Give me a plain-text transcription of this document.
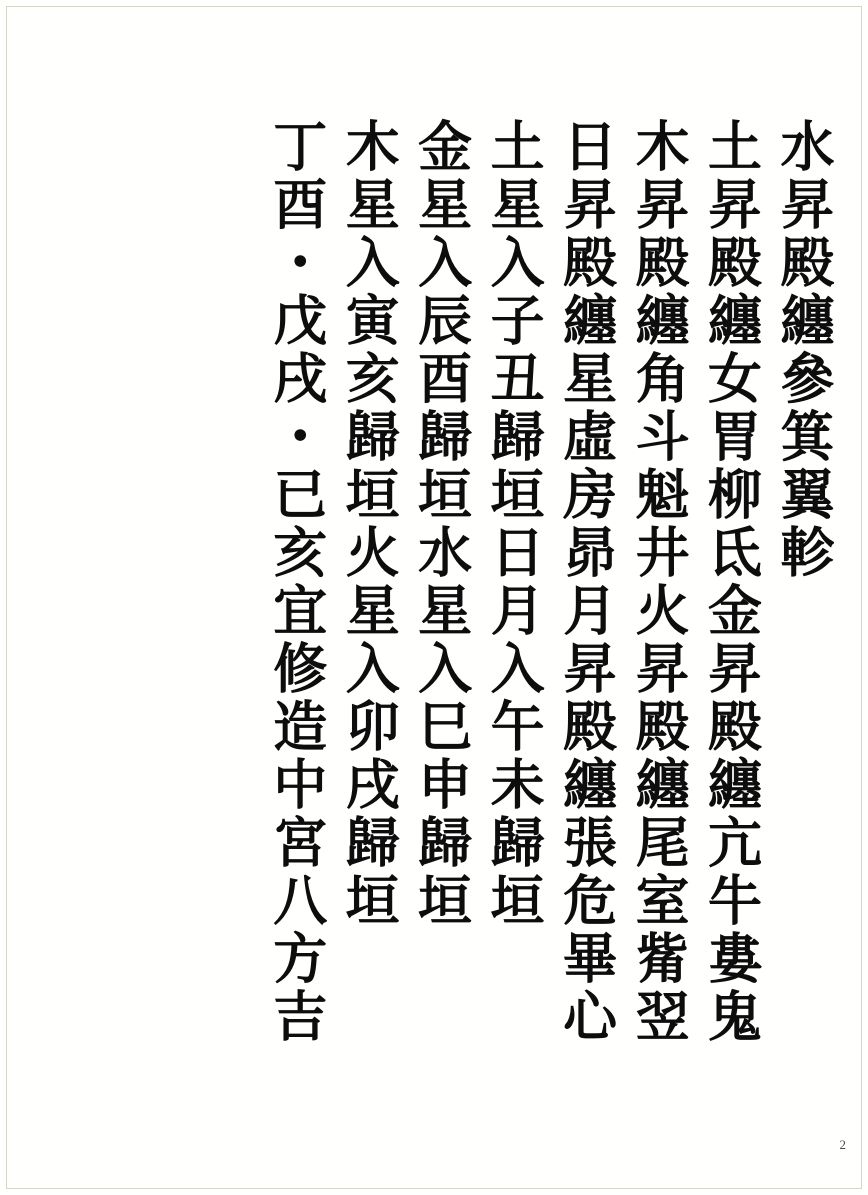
丁酉・戊戌・已亥宜修造中宮八方吉 木星入寅亥歸垣
火星入卯戌歸垣
金星入辰酉歸垣
水星入巳申歸垣
土星入子丑歸垣
日月入午未歸垣
日昇殿纏星虛房昴
月昇殿纏張危畢心
木昇殿纏角斗魁井
火昇殿纏尾室觜翌
土昇殿纏女胃柳氐
金昇殿纏亢牛婁鬼
水昇殿纏參箕翼軫
2
